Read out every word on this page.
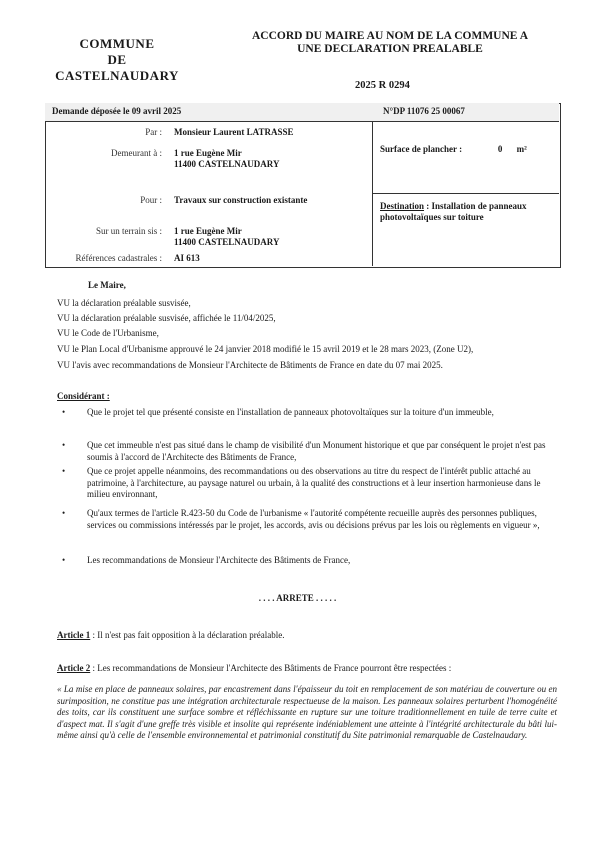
COMMUNE
DE
CASTELNAUDARY
ACCORD DU MAIRE AU NOM DE LA COMMUNE A
UNE DECLARATION PREALABLE
2025 R 0294
Demande déposée le 09 avril 2025	N°DP 11076 25 00067
Par : Monsieur Laurent LATRASSE
Demeurant à : 1 rue Eugène Mir
11400 CASTELNAUDARY
Pour : Travaux sur construction existante
Sur un terrain sis : 1 rue Eugène Mir
11400 CASTELNAUDARY
Références cadastrales : AI 613
Surface de plancher :	0 m²
Destination : Installation de panneaux photovoltaïques sur toiture
Le Maire,
VU la déclaration préalable susvisée,
VU la déclaration préalable susvisée, affichée le 11/04/2025,
VU le Code de l'Urbanisme,
VU le Plan Local d'Urbanisme approuvé le 24 janvier 2018 modifié le 15 avril 2019 et le 28 mars 2023, (Zone U2),
VU l'avis avec recommandations de Monsieur l'Architecte de Bâtiments de France en date du 07 mai 2025.
Considérant :
•	Que le projet tel que présenté consiste en l'installation de panneaux photovoltaïques sur la toiture d'un immeuble,
•	Que cet immeuble n'est pas situé dans le champ de visibilité d'un Monument historique et que par conséquent le projet n'est pas soumis à l'accord de l'Architecte des Bâtiments de France,
•	Que ce projet appelle néanmoins, des recommandations ou des observations au titre du respect de l'intérêt public attaché au patrimoine, à l'architecture, au paysage naturel ou urbain, à la qualité des constructions et à leur insertion harmonieuse dans le milieu environnant,
•	Qu'aux termes de l'article R.423-50 du Code de l'urbanisme « l'autorité compétente recueille auprès des personnes publiques, services ou commissions intéressés par le projet, les accords, avis ou décisions prévus par les lois ou règlements en vigueur »,
•	Les recommandations de Monsieur l'Architecte des Bâtiments de France,
. . . . ARRETE . . . . .
Article 1 : Il n'est pas fait opposition à la déclaration préalable.
Article 2 : Les recommandations de Monsieur l'Architecte des Bâtiments de France pourront être respectées :
« La mise en place de panneaux solaires, par encastrement dans l'épaisseur du toit en remplacement de son matériau de couverture ou en surimposition, ne constitue pas une intégration architecturale respectueuse de la maison. Les panneaux solaires perturbent l'homogénéité des toits, car ils constituent une surface sombre et réfléchissante en rupture sur une toiture traditionnellement en tuile de terre cuite et d'aspect mat. Il s'agit d'une greffe très visible et insolite qui représente indéniablement une atteinte à l'intégrité architecturale du bâti lui-même ainsi qu'à celle de l'ensemble environnemental et patrimonial constitutif du Site patrimonial remarquable de Castelnaudary.
